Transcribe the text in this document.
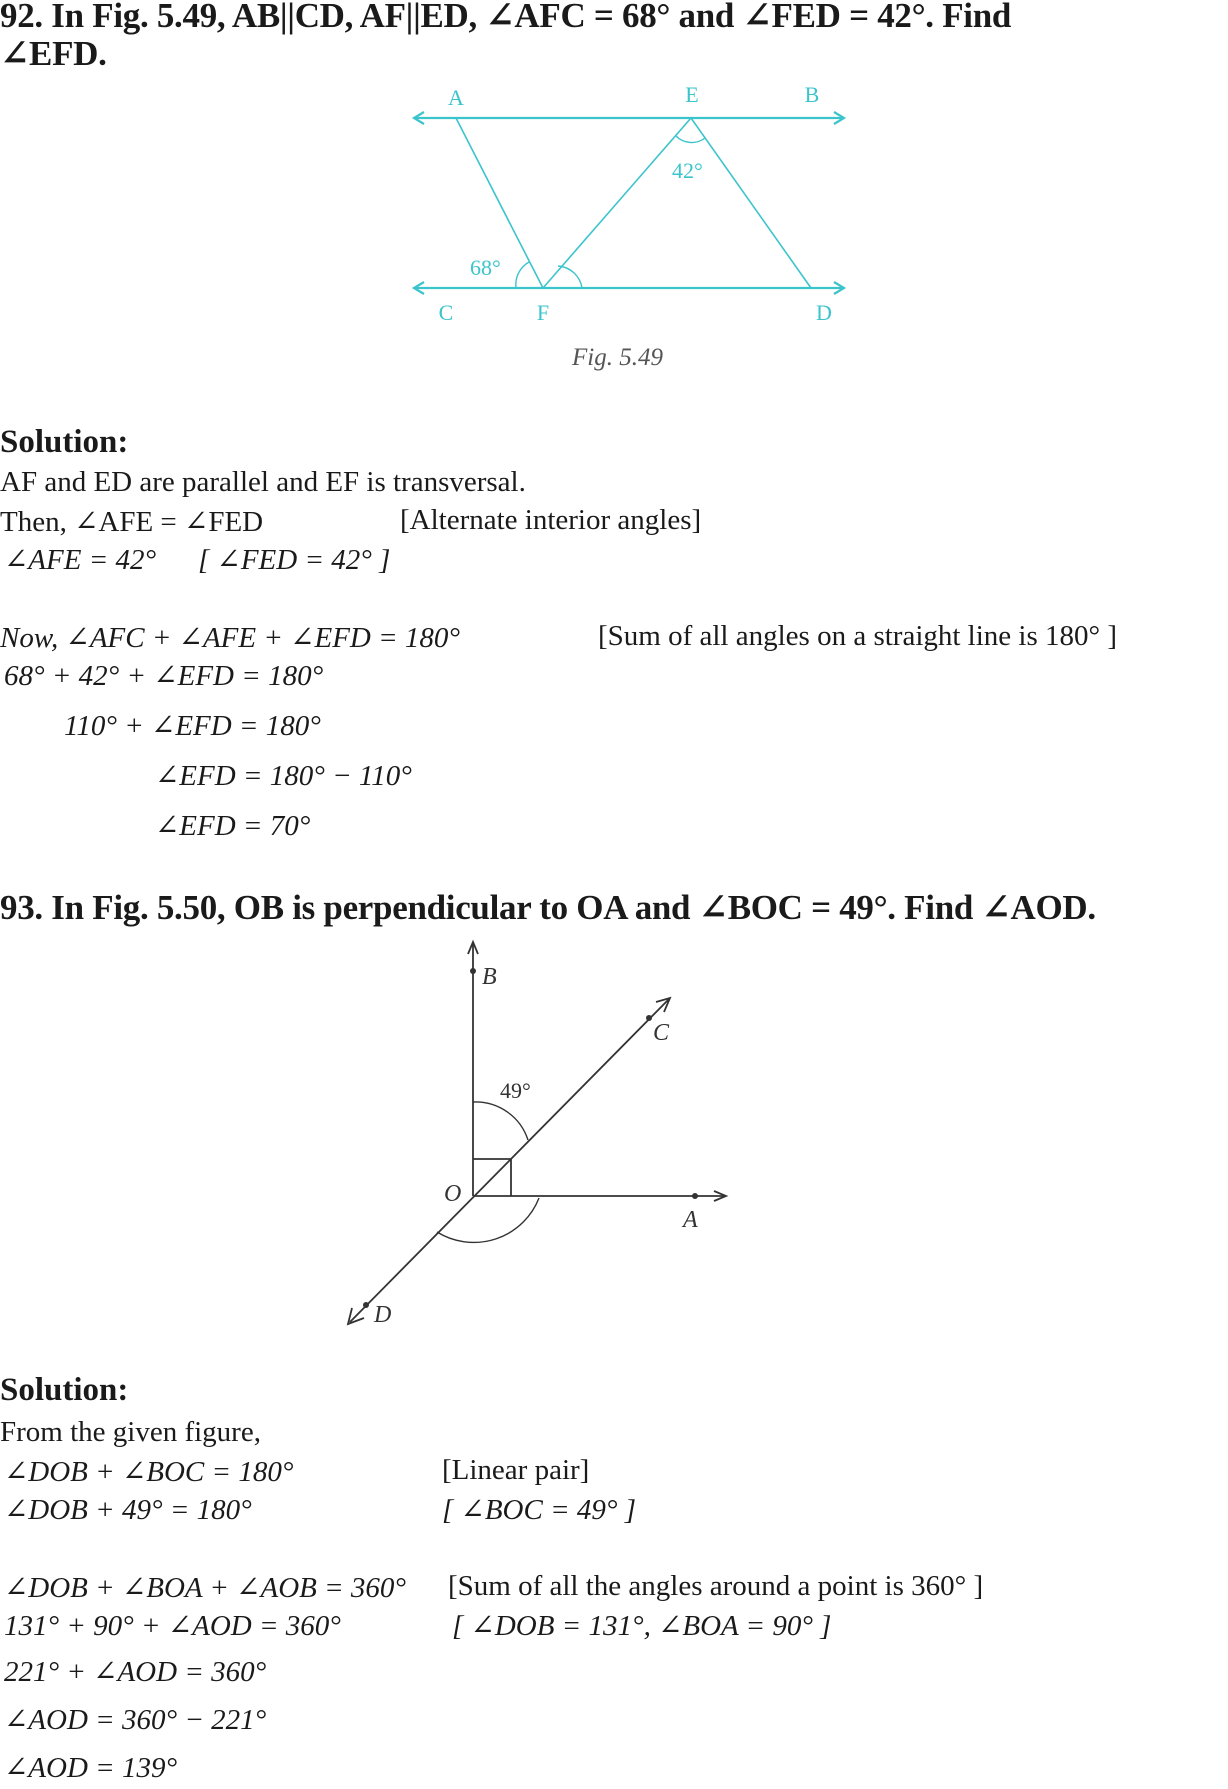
92. In Fig. 5.49, AB||CD, AF||ED, ∠AFC = 68° and ∠FED = 42°. Find
∠EFD.
A	E	B
C	F	D
68°
42°
Fig. 5.49
Solution:
AF and ED are parallel and EF is transversal.
Then, ∠AFE = ∠FED	[Alternate interior angles]
∠AFE = 42° [ ∠FED = 42° ]
Now, ∠AFC + ∠AFE + ∠EFD = 180°	[Sum of all angles on a straight line is 180° ]
68° + 42° + ∠EFD = 180°
110° + ∠EFD = 180°
∠EFD = 180° − 110°
∠EFD = 70°
93. In Fig. 5.50, OB is perpendicular to OA and ∠BOC = 49°. Find ∠AOD.
B
C
O
A
D
49°
Solution:
From the given figure,
∠DOB + ∠BOC = 180°	[Linear pair]
∠DOB + 49° = 180°	[ ∠BOC = 49° ]
∠DOB + ∠BOA + ∠AOB = 360° [Sum of all the angles around a point is 360° ]
131° + 90° + ∠AOD = 360°	[ ∠DOB = 131°, ∠BOA = 90° ]
221° + ∠AOD = 360°
∠AOD = 360° − 221°
∠AOD = 139°
